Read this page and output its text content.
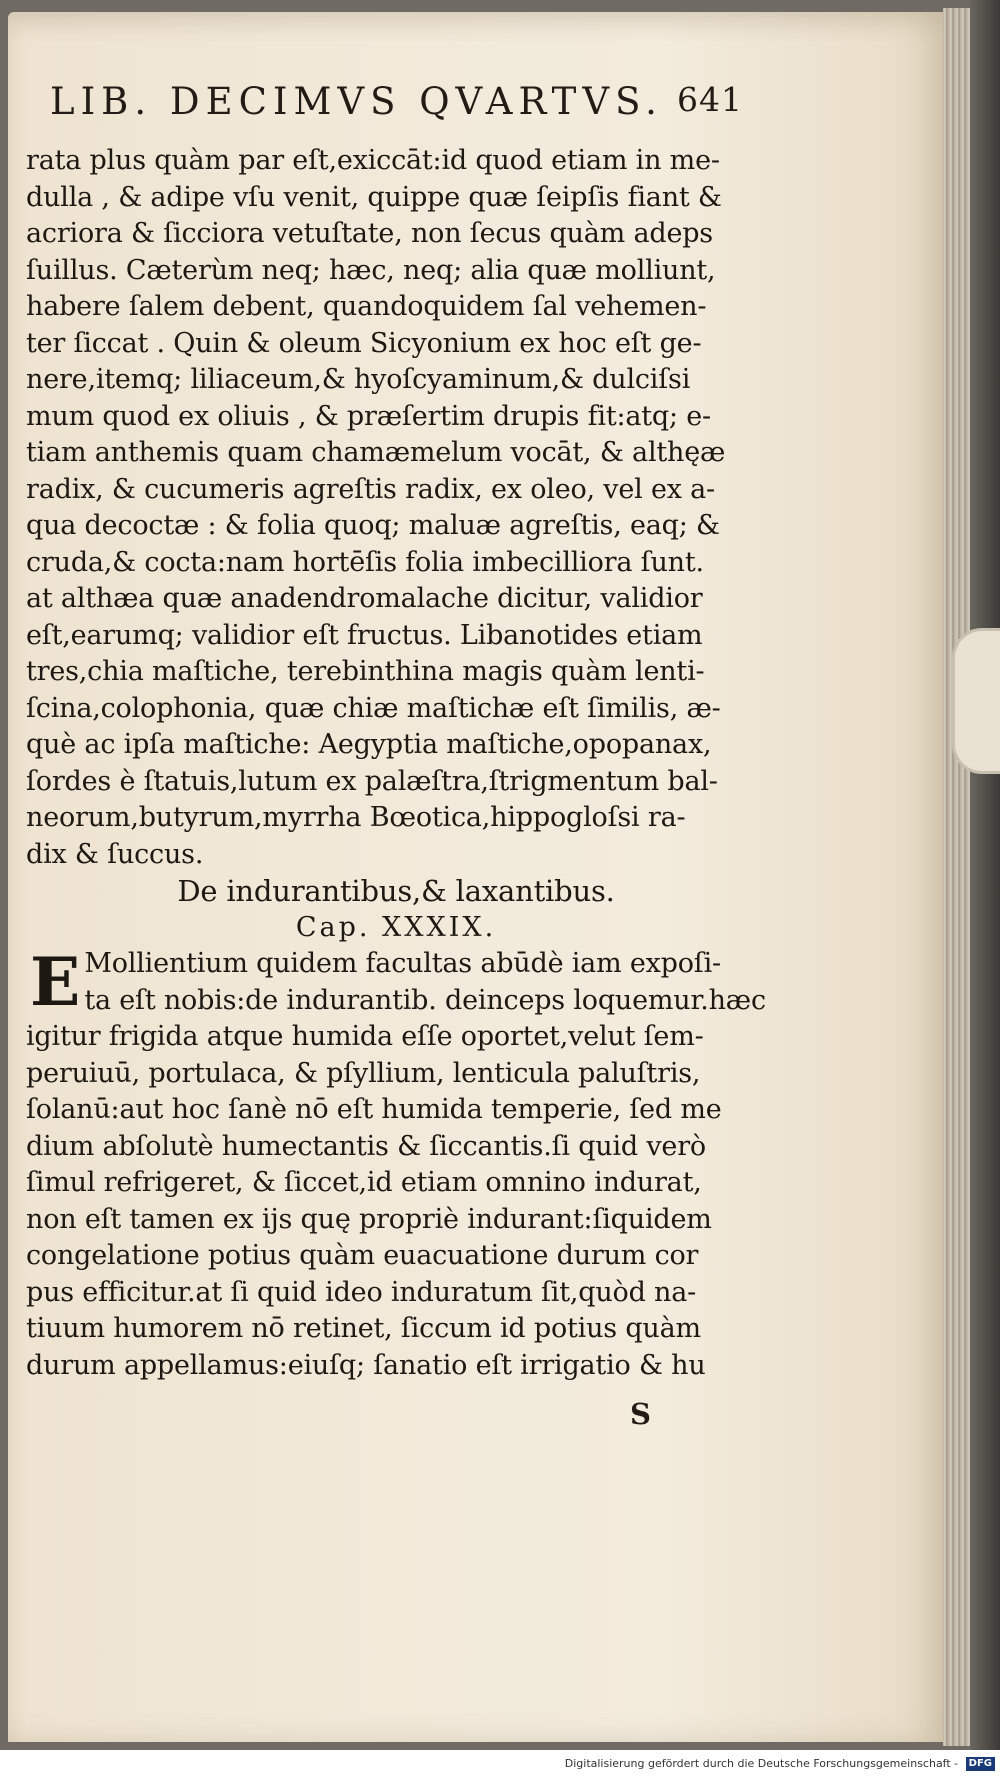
LIB. DECIMVS QVARTVS. 641
rata plus quàm par eſt,exiccāt:id quod etiam in me-
dulla , & adipe vſu venit, quippe quæ ſeipſis fiant &
acriora & ſicciora vetuſtate, non ſecus quàm adeps
ſuillus. Cæterùm neq; hæc, neq; alia quæ molliunt,
habere ſalem debent, quandoquidem ſal vehemen-
ter ſiccat . Quin & oleum Sicyonium ex hoc eſt ge-
nere,itemq; liliaceum,& hyoſcyaminum,& dulciſsi
mum quod ex oliuis , & præſertim drupis fit:atq; e-
tiam anthemis quam chamæmelum vocāt, & althęæ
radix, & cucumeris agreſtis radix, ex oleo, vel ex a-
qua decoctæ : & folia quoq; maluæ agreſtis, eaq; &
cruda,& cocta:nam hortēſis folia imbecilliora ſunt.
at althæa quæ anadendromalache dicitur, validior
eſt,earumq; validior eſt fructus. Libanotides etiam
tres,chia maſtiche, terebinthina magis quàm lenti-
ſcina,colophonia, quæ chiæ maſtichæ eſt ſimilis, æ-
què ac ipſa maſtiche: Aegyptia maſtiche,opopanax,
ſordes è ſtatuis,lutum ex palæſtra,ſtrigmentum bal-
neorum,butyrum,myrrha Bœotica,hippogloſsi ra-
dix & ſuccus.
De indurantibus,& laxantibus.
Cap. XXXIX.
E Mollientium quidem facultas abūdè iam expoſi-
ta eſt nobis:de indurantib. deinceps loquemur.hæc
igitur frigida atque humida eſſe oportet,velut ſem-
peruiuū, portulaca, & pſyllium, lenticula paluſtris,
ſolanū:aut hoc ſanè nō eſt humida temperie, ſed me
dium abſolutè humectantis & ſiccantis.ſi quid verò
ſimul refrigeret, & ſiccet,id etiam omnino indurat,
non eſt tamen ex ijs quę propriè indurant:ſiquidem
congelatione potius quàm euacuatione durum cor
pus efficitur.at ſi quid ideo induratum ſit,quòd na-
tiuum humorem nō retinet, ſiccum id potius quàm
durum appellamus:eiuſq; ſanatio eſt irrigatio & hu
S
Digitalisierung gefördert durch die Deutsche Forschungsgemeinschaft - DFG
